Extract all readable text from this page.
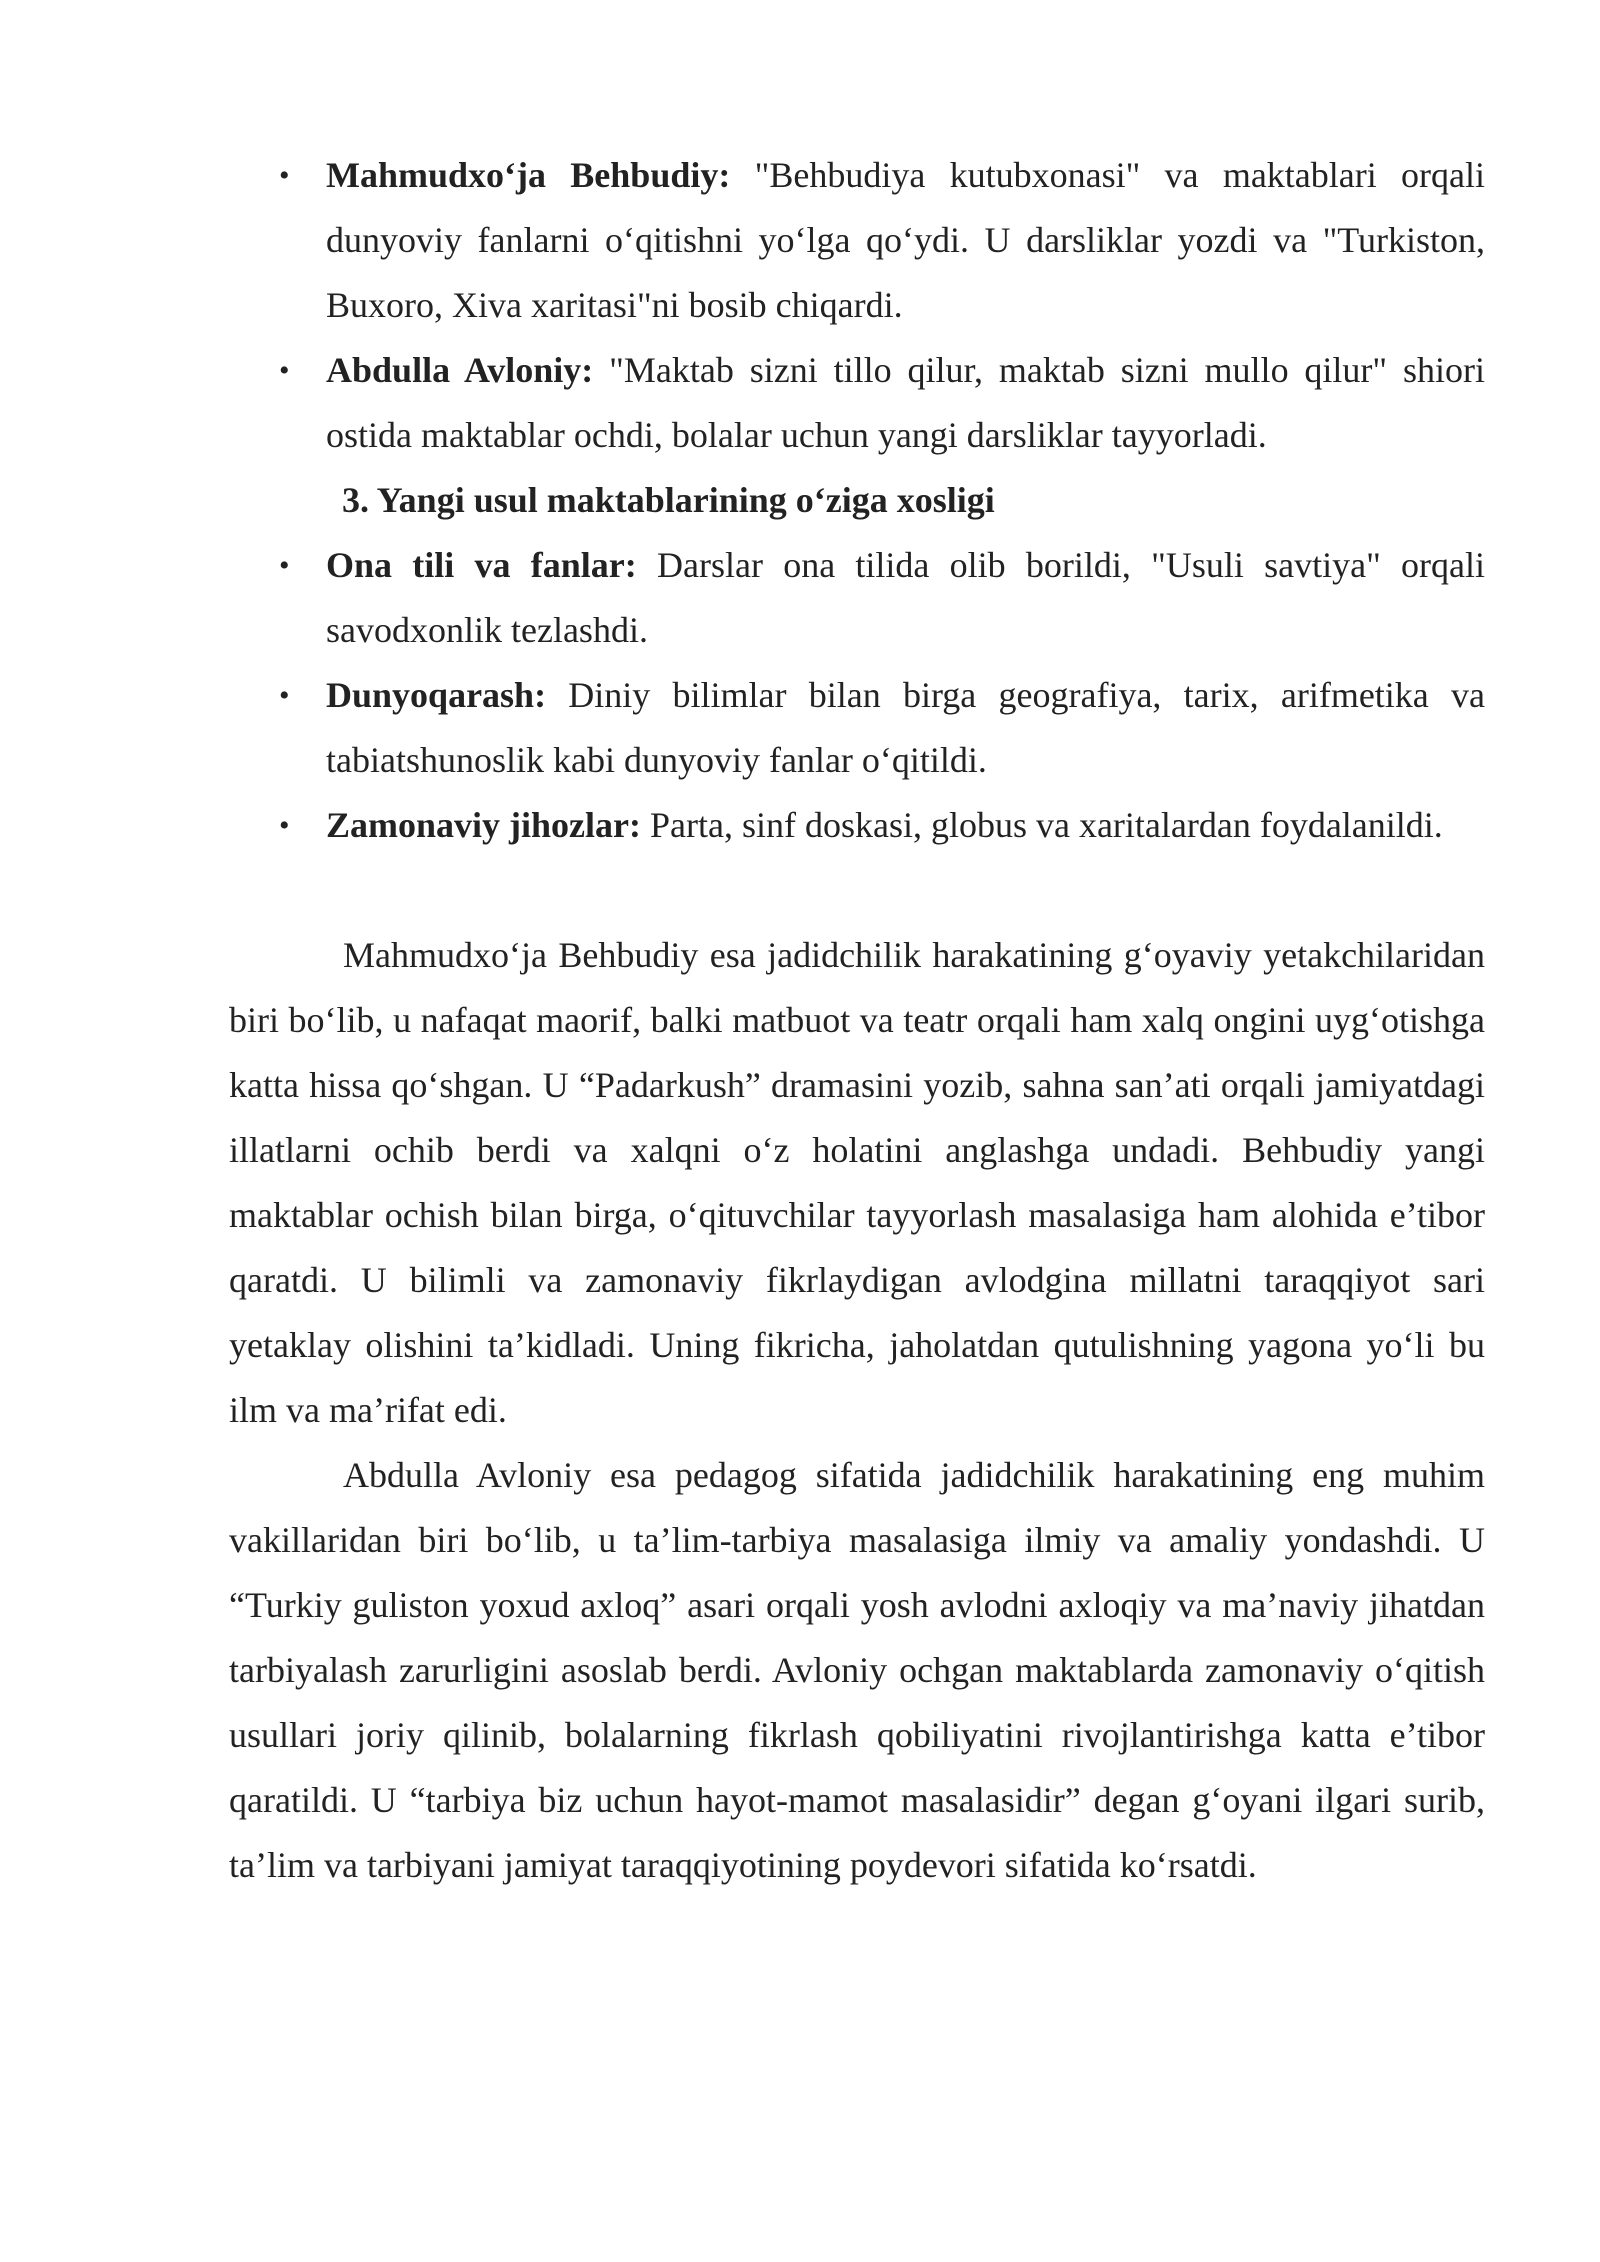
• Mahmudxo‘ja Behbudiy: "Behbudiya kutubxonasi" va maktablari orqali dunyoviy fanlarni o‘qitishni yo‘lga qo‘ydi. U darsliklar yozdi va "Turkiston, Buxoro, Xiva xaritasi"ni bosib chiqardi.
• Abdulla Avloniy: "Maktab sizni tillo qilur, maktab sizni mullo qilur" shiori ostida maktablar ochdi, bolalar uchun yangi darsliklar tayyorladi.
3. Yangi usul maktablarining o‘ziga xosligi
• Ona tili va fanlar: Darslar ona tilida olib borildi, "Usuli savtiya" orqali savodxonlik tezlashdi.
• Dunyoqarash: Diniy bilimlar bilan birga geografiya, tarix, arifmetika va tabiatshunoslik kabi dunyoviy fanlar o‘qitildi.
• Zamonaviy jihozlar: Parta, sinf doskasi, globus va xaritalardan foydalanildi.

Mahmudxo‘ja Behbudiy esa jadidchilik harakatining g‘oyaviy yetakchilaridan biri bo‘lib, u nafaqat maorif, balki matbuot va teatr orqali ham xalq ongini uyg‘otishga katta hissa qo‘shgan. U “Padarkush” dramasini yozib, sahna san’ati orqali jamiyatdagi illatlarni ochib berdi va xalqni o‘z holatini anglashga undadi. Behbudiy yangi maktablar ochish bilan birga, o‘qituvchilar tayyorlash masalasiga ham alohida e’tibor qaratdi. U bilimli va zamonaviy fikrlaydigan avlodgina millatni taraqqiyot sari yetaklay olishini ta’kidladi. Uning fikricha, jaholatdan qutulishning yagona yo‘li bu ilm va ma’rifat edi.

Abdulla Avloniy esa pedagog sifatida jadidchilik harakatining eng muhim vakillaridan biri bo‘lib, u ta’lim-tarbiya masalasiga ilmiy va amaliy yondashdi. U “Turkiy guliston yoxud axloq” asari orqali yosh avlodni axloqiy va ma’naviy jihatdan tarbiyalash zarurligini asoslab berdi. Avloniy ochgan maktablarda zamonaviy o‘qitish usullari joriy qilinib, bolalarning fikrlash qobiliyatini rivojlantirishga katta e’tibor qaratildi. U “tarbiya biz uchun hayot-mamot masalasidir” degan g‘oyani ilgari surib, ta’lim va tarbiyani jamiyat taraqqiyotining poydevori sifatida ko‘rsatdi.
